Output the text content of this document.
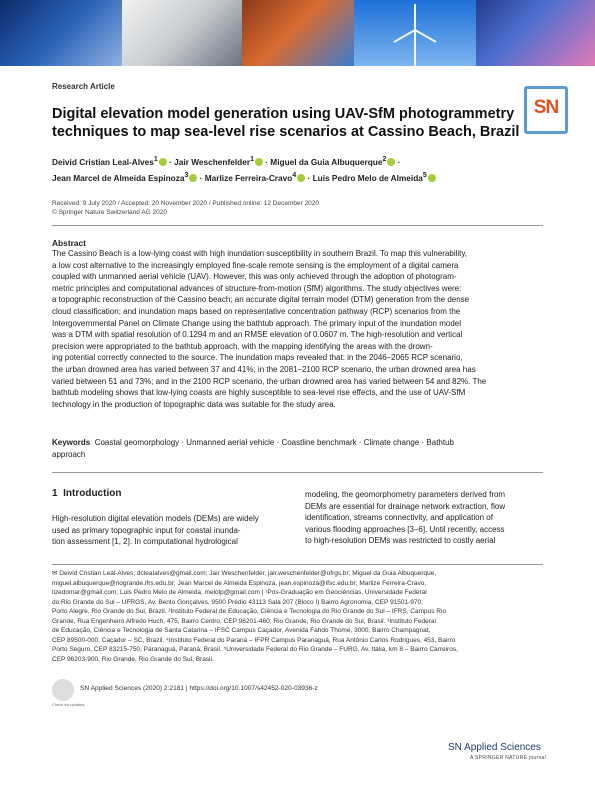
Research Article
SN
Digital elevation model generation using UAV-SfM photogrammetry
techniques to map sea-level rise scenarios at Cassino Beach, Brazil
Deivid Cristian Leal-Alves$^1$ · Jair Weschenfelder$^1$ · Miguel da Guia Albuquerque$^2$ ·
Jean Marcel de Almeida Espinoza$^3$ · Marlize Ferreira-Cravo$^4$ · Luis Pedro Melo de Almeida$^5$
Received: 9 July 2020 / Accepted: 20 November 2020 / Published online: 12 December 2020
© Springer Nature Switzerland AG 2020
Abstract
The Cassino Beach is a low-lying coast with high inundation susceptibility in southern Brazil. To map this vulnerability,
a low cost alternative to the increasingly employed fine-scale remote sensing is the employment of a digital camera
coupled with unmanned aerial vehicle (UAV). However, this was only achieved through the adoption of photogram-
metric principles and computational advances of structure-from-motion (SfM) algorithms. The study objectives were:
a topographic reconstruction of the Cassino beach; an accurate digital terrain model (DTM) generation from the dense
cloud classification; and inundation maps based on representative concentration pathway (RCP) scenarios from the
Intergovernmental Panel on Climate Change using the bathtub approach. The primary input of the inundation model
was a DTM with spatial resolution of 0.1294 m and an RMSE elevation of 0.0607 m. The high-resolution and vertical
precision were appropriated to the bathtub approach, with the mapping identifying the areas with the drown-
ing potential correctly connected to the source. The inundation maps revealed that: in the 2046–2065 RCP scenario,
the urban drowned area has varied between 37 and 41%; in the 2081–2100 RCP scenario, the urban drowned area has
varied between 51 and 73%; and in the 2100 RCP scenario, the urban drowned area has varied between 54 and 82%. The
bathtub modeling shows that low-lying coasts are highly susceptible to sea-level rise effects, and the use of UAV-SfM
technology in the production of topographic data was suitable for the study area.
Keywords Coastal geomorphology · Unmanned aerial vehicle · Coastline benchmark · Climate change · Bathtub
approach
1 Introduction
High-resolution digital elevation models (DEMs) are widely
used as primary topographic input for coastal inunda-
tion assessment [1, 2]. In computational hydrological
modeling, the geomorphometry parameters derived from
DEMs are essential for drainage network extraction, flow
identification, streams connectivity, and application of
various flooding approaches [3–6]. Until recently, access
to high-resolution DEMs was restricted to costly aerial
✉ Deivid Cristian Leal-Alves, dcleaIalves@gmail.com; Jair Weschenfelder, jair.weschenfelder@ufrgs.br; Miguel da Guia Albuquerque,
miguel.albuquerque@riogrande.ifrs.edu.br; Jean Marcel de Almeida Espinoza, jean.espinoza@ifsc.edu.br; Marlize Ferreira-Cravo,
lizedomar@gmail.com; Luis Pedro Melo de Almeida, melolp@gmail.com | ¹Pós-Graduação em Geociências, Universidade Federal
do Rio Grande do Sul – UFRGS, Av. Bento Gonçalves, 9500 Prédio 43113 Sala 207 (Bloco I) Bairro Agronomia, CEP 91501-970,
Porto Alegre, Rio Grande do Sul, Brazil. ²Instituto Federal de Educação, Ciência e Tecnologia do Rio Grande do Sul – IFRS, Campus Rio
Grande, Rua Engenheiro Alfredo Huch, 475, Bairro Centro, CEP 96201-460, Rio Grande, Rio Grande do Sul, Brasil. ³Instituto Federal
de Educação, Ciência e Tecnologia de Santa Catarina – IFSC Campus Caçador, Avenida Fahdo Thomé, 3000, Bairro Champagnat,
CEP 89500-000, Caçador – SC, Brazil. ⁴Instituto Federal do Paraná – IFPR Campus Paranaguá, Rua Antônio Carlos Rodrigues, 453, Bairro
Porto Seguro, CEP 83215-750, Paranaguá, Paraná, Brasil. ⁵Universidade Federal do Rio Grande – FURG, Av. Itália, km 8 – Bairro Carreiros,
CEP 96203-900, Rio Grande, Rio Grande do Sul, Brasil.
Check for updates
SN Applied Sciences (2020) 2:2181 | https://doi.org/10.1007/s42452-020-03936-z
SN Applied Sciences
A SPRINGER NATURE journal
